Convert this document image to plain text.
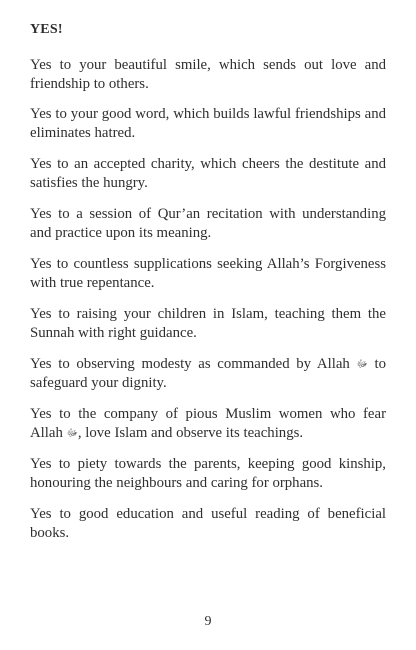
YES!

Yes to your beautiful smile, which sends out love and friendship to others.

Yes to your good word, which builds lawful friendships and eliminates hatred.

Yes to an accepted charity, which cheers the destitute and satisfies the hungry.

Yes to a session of Qur’an recitation with understanding and practice upon its meaning.

Yes to countless supplications seeking Allah’s Forgiveness with true repentance.

Yes to raising your children in Islam, teaching them the Sunnah with right guidance.

Yes to observing modesty as commanded by Allah ﷻ to safeguard your dignity.

Yes to the company of pious Muslim women who fear Allah ﷻ, love Islam and observe its teachings.

Yes to piety towards the parents, keeping good kinship, honouring the neighbours and caring for orphans.

Yes to good education and useful reading of beneficial books.

9
